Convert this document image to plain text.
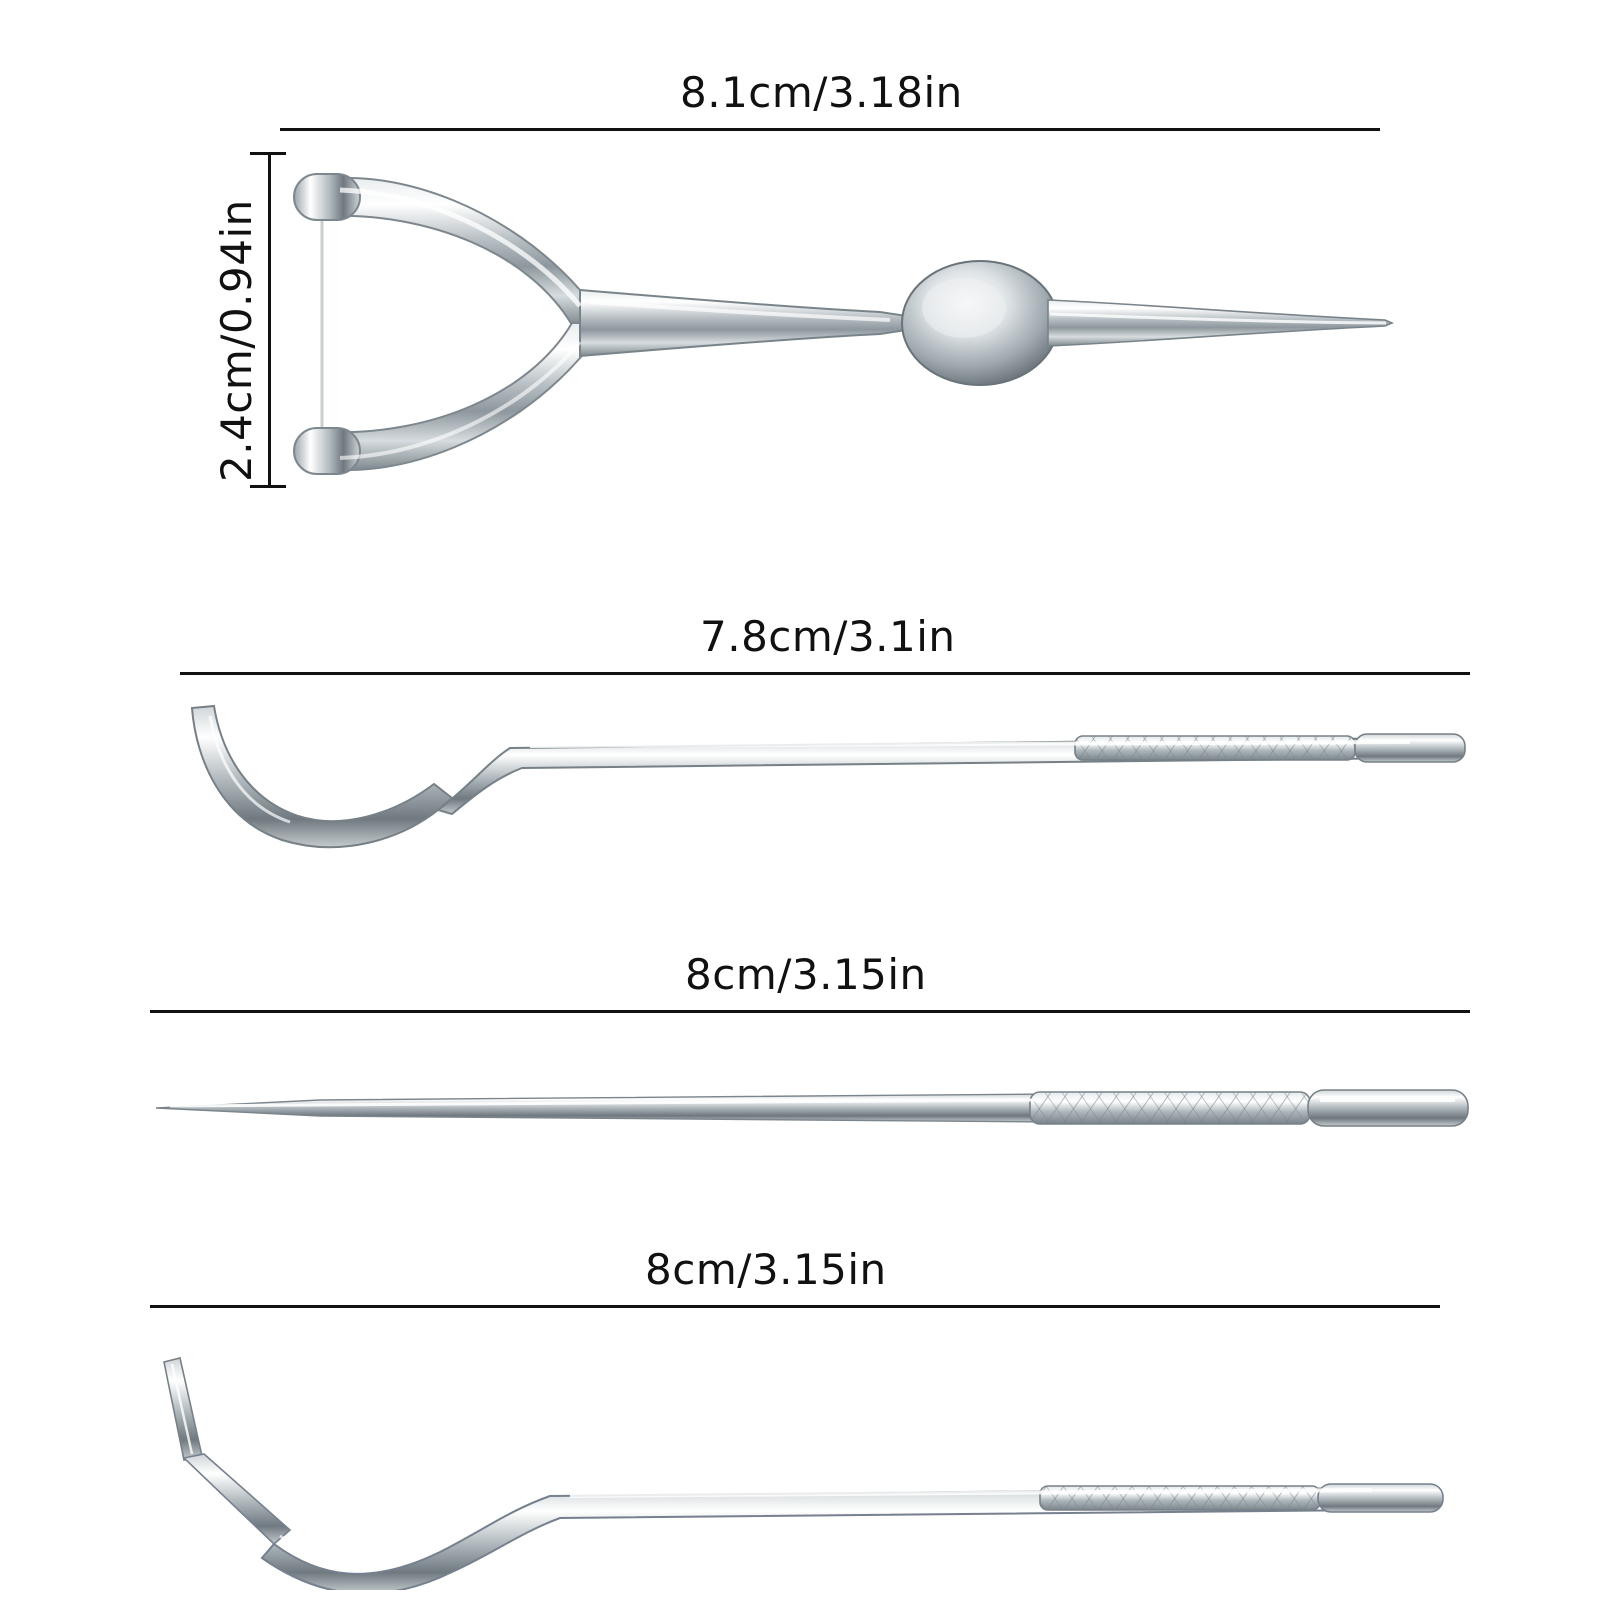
8.1cm/3.18in
2.4cm/0.94in
7.8cm/3.1in
8cm/3.15in
8cm/3.15in
